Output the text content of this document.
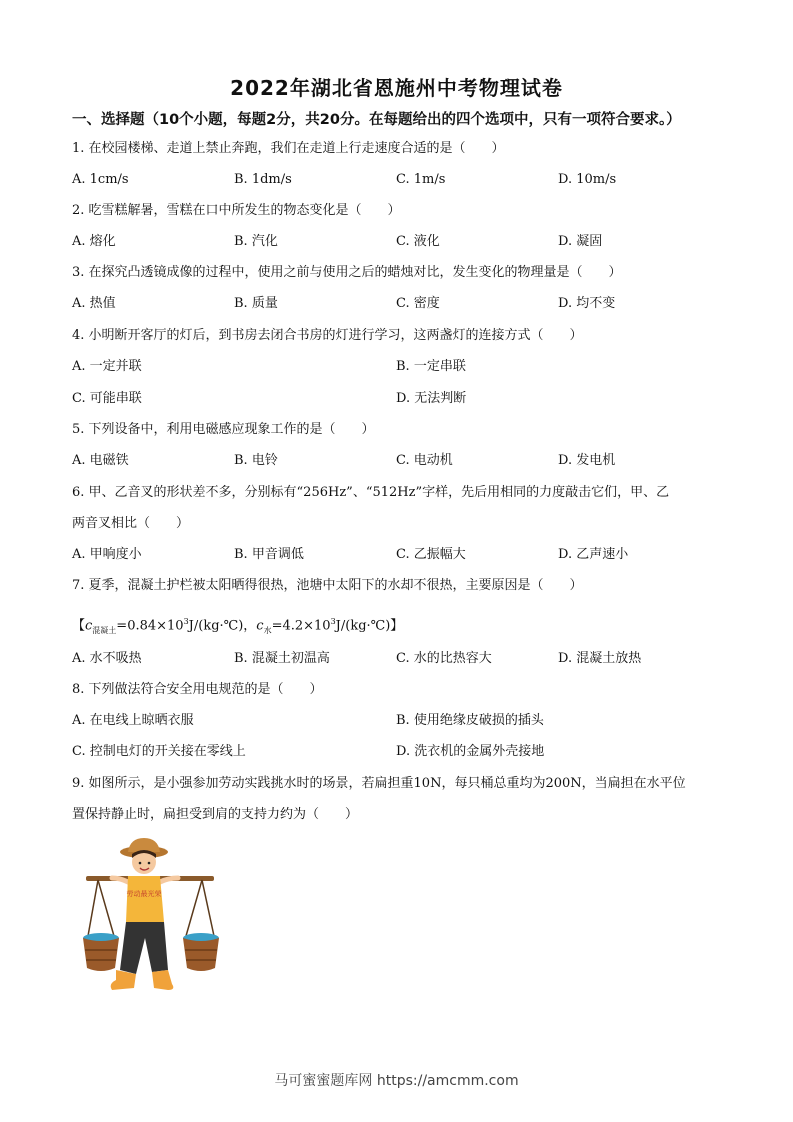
2022年湖北省恩施州中考物理试卷
一、选择题（10个小题，每题2分，共20分。在每题给出的四个选项中，只有一项符合要求。）
1. 在校园楼梯、走道上禁止奔跑，我们在走道上行走速度合适的是（　　）
A. 1cm/s	B. 1dm/s	C. 1m/s	D. 10m/s
2. 吃雪糕解暑，雪糕在口中所发生的物态变化是（　　）
A. 熔化	B. 汽化	C. 液化	D. 凝固
3. 在探究凸透镜成像的过程中，使用之前与使用之后的蜡烛对比，发生变化的物理量是（　　）
A. 热值	B. 质量	C. 密度	D. 均不变
4. 小明断开客厅的灯后，到书房去闭合书房的灯进行学习，这两盏灯的连接方式（　　）
A. 一定并联	B. 一定串联
C. 可能串联	D. 无法判断
5. 下列设备中，利用电磁感应现象工作的是（　　）
A. 电磁铁	B. 电铃	C. 电动机	D. 发电机
6. 甲、乙音叉的形状差不多，分别标有“256Hz”、“512Hz”字样，先后用相同的力度敲击它们，甲、乙
两音叉相比（　　）
A. 甲响度小	B. 甲音调低	C. 乙振幅大	D. 乙声速小
7. 夏季，混凝土护栏被太阳晒得很热，池塘中太阳下的水却不很热，主要原因是（　　）
【$c_{混凝土}=0.84\times 10^3J/(kg\cdot℃)$，$c_水=4.2\times 10^3J/(kg\cdot℃)$】
A. 水不吸热	B. 混凝土初温高	C. 水的比热容大	D. 混凝土放热
8. 下列做法符合安全用电规范的是（　　）
A. 在电线上晾晒衣服	B. 使用绝缘皮破损的插头
C. 控制电灯的开关接在零线上	D. 洗衣机的金属外壳接地
9. 如图所示，是小强参加劳动实践挑水时的场景，若扁担重10N，每只桶总重均为200N，当扁担在水平位
置保持静止时，扁担受到肩的支持力约为（　　）
劳动最光荣
马可蜜蜜题库网 https://amcmm.com
